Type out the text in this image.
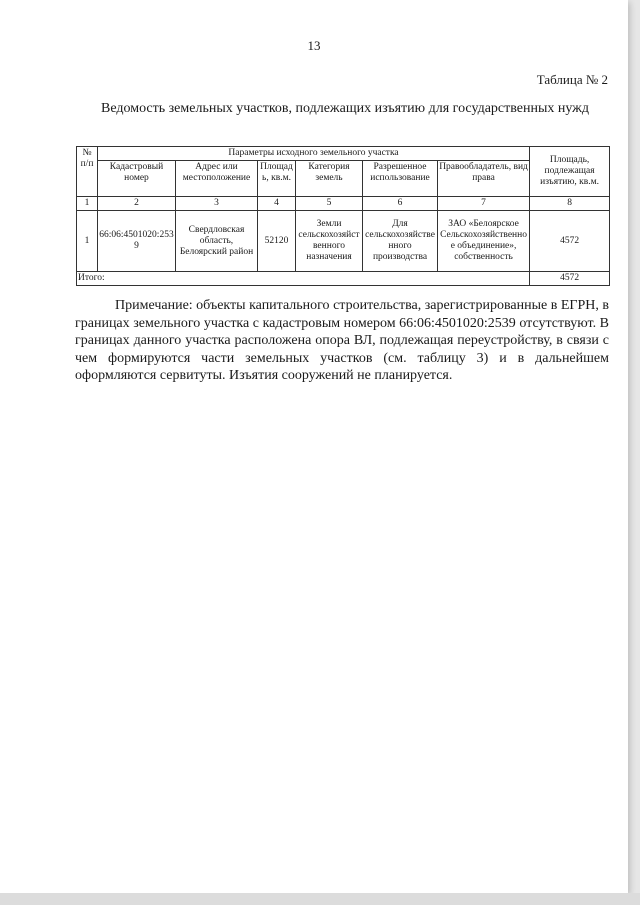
13
Таблица № 2
Ведомость земельных участков, подлежащих изъятию для государственных нужд
№ п/п	Параметры исходного земельного участка						Площадь, подлежащая изъятию, кв.м.
	Кадастровый номер	Адрес или местоположение	Площадь, кв.м.	Категория земель	Разрешенное использование	Правообладатель, вид права	
1	2	3	4	5	6	7	8
1	66:06:4501020:2539	Свердловская область, Белоярский район	52120	Земли сельскохозяйственного назначения	Для сельскохозяйственного производства	ЗАО «Белоярское Сельскохозяйственное объединение», собственность	4572
Итого:							4572
Примечание: объекты капитального строительства, зарегистрированные в ЕГРН, в границах земельного участка с кадастровым номером 66:06:4501020:2539 отсутствуют. В границах данного участка расположена опора ВЛ, подлежащая переустройству, в связи с чем формируются части земельных участков (см. таблицу 3) и в дальнейшем оформляются сервитуты. Изъятия сооружений не планируется.
